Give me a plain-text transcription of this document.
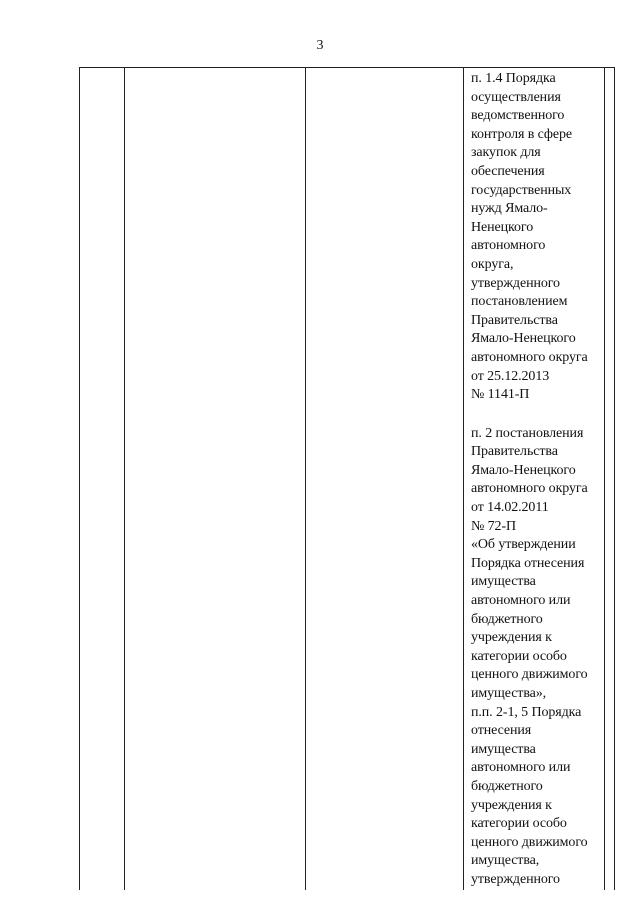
3

п. 1.4 Порядка

осуществления

ведомственного

контроля в сфере

закупок для

обеспечения

государственных

нужд Ямало-

Ненецкого

автономного

округа,

утвержденного

постановлением

Правительства

Ямало-Ненецкого

автономного округа

от 25.12.2013

№ 1141-П

п. 2 постановления

Правительства

Ямало-Ненецкого

автономного округа

от 14.02.2011

№ 72-П

«Об утверждении

Порядка отнесения

имущества

автономного или

бюджетного

учреждения к

категории особо

ценного движимого

имущества»,

п.п. 2-1, 5 Порядка

отнесения

имущества

автономного или

бюджетного

учреждения к

категории особо

ценного движимого

имущества,

утвержденного
